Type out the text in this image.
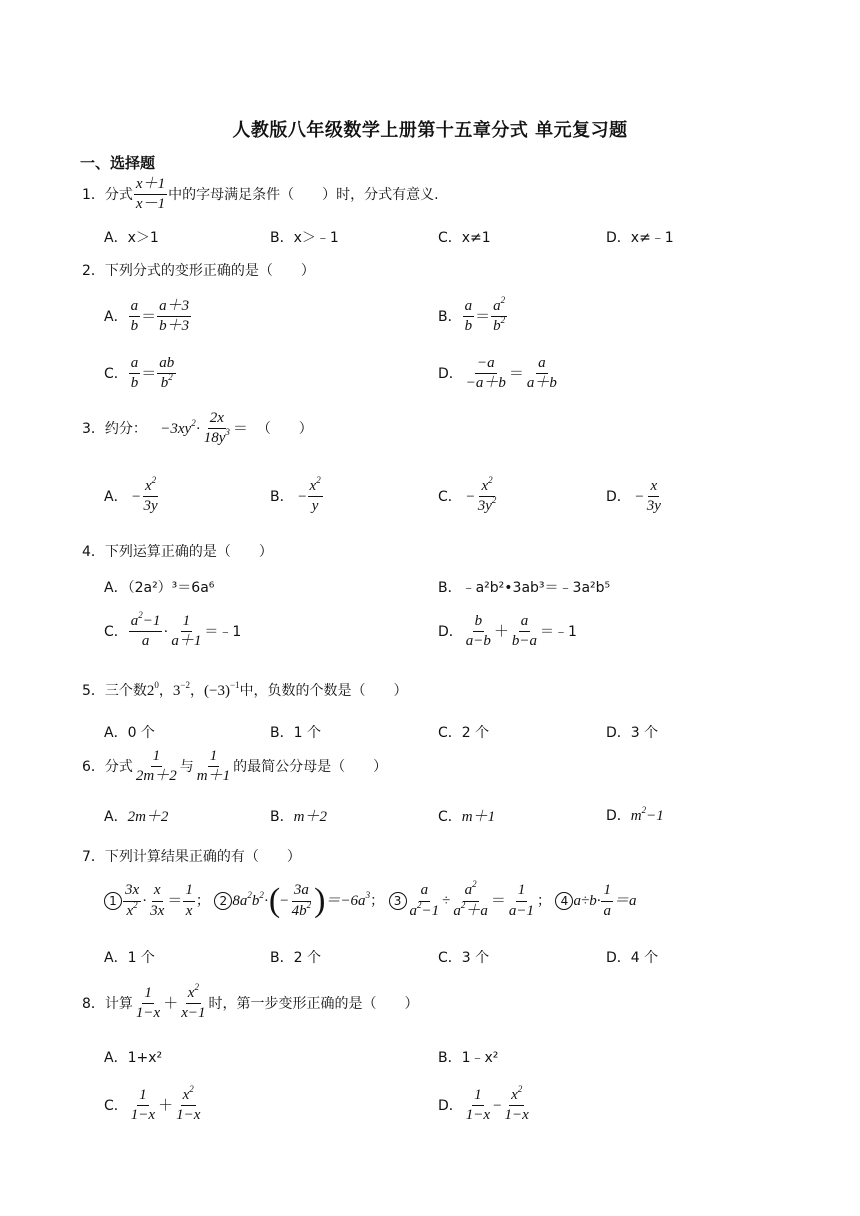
人教版八年级数学上册第十五章分式 单元复习题
一、选择题
1．分式 $\frac{x+1}{x-1}$ 中的字母满足条件（　　）时，分式有意义.
A．x＞1	B．x＞﹣1	C．x≠1	D．x≠﹣1
2．下列分式的变形正确的是（　　）
A． $\frac{a}{b} = \frac{a+3}{b+3}$	B． $\frac{a}{b} = \frac{a^2}{b^2}$
C． $\frac{a}{b} = \frac{ab}{b^2}$	D． $\frac{-a}{-a+b} = \frac{a}{a+b}$
3．约分： $-3xy^2\cdot \frac{2x}{18y^3}$ ＝ （　　）
A． − $\frac{x^2}{3y}$	B． − $\frac{x^2}{y}$	C． − $\frac{x^2}{3y^2}$	D． − $\frac{x}{3y}$
4．下列运算正确的是（　　）
A．（2a²）³＝6a⁶	B．﹣a²b²•3ab³＝﹣3a²b⁵
C． $\frac{a^2-1}{a} \cdot \frac{1}{a+1}$ ＝﹣1	D． $\frac{b}{a-b} + \frac{a}{b-a}$ ＝﹣1
5．三个数$2^0$，$3^{-2}$，$(-3)^{-1}$中，负数的个数是（　　）
A．0 个	B．1 个	C．2 个	D．3 个
6．分式 $\frac{1}{2m+2}$ 与 $\frac{1}{m+1}$ 的最简公分母是（　　）
A．2m＋2	B．m＋2	C．m＋1	D．$m^2-1$
7．下列计算结果正确的有（　　）
$1 \frac{3x}{x^2} \cdot \frac{x}{3x} = \frac{1}{x}$ ； 2 $8a^2b^2\cdot(- \frac{3a}{4b^2} )=-6a^3$； $3 \frac{a}{a^2-1} \div \frac{a^2}{a^2+a} = \frac{1}{a-1}$ ； 4 $a\div b\cdot \frac{1}{a} =a$
A．1 个	B．2 个	C．3 个	D．4 个
8．计算 $\frac{1}{1-x} + \frac{x^2}{x-1}$ 时，第一步变形正确的是（　　）
A．1+x²	B．1﹣x²
C． $\frac{1}{1-x} + \frac{x^2}{1-x}$	D． $\frac{1}{1-x} - \frac{x^2}{1-x}$
